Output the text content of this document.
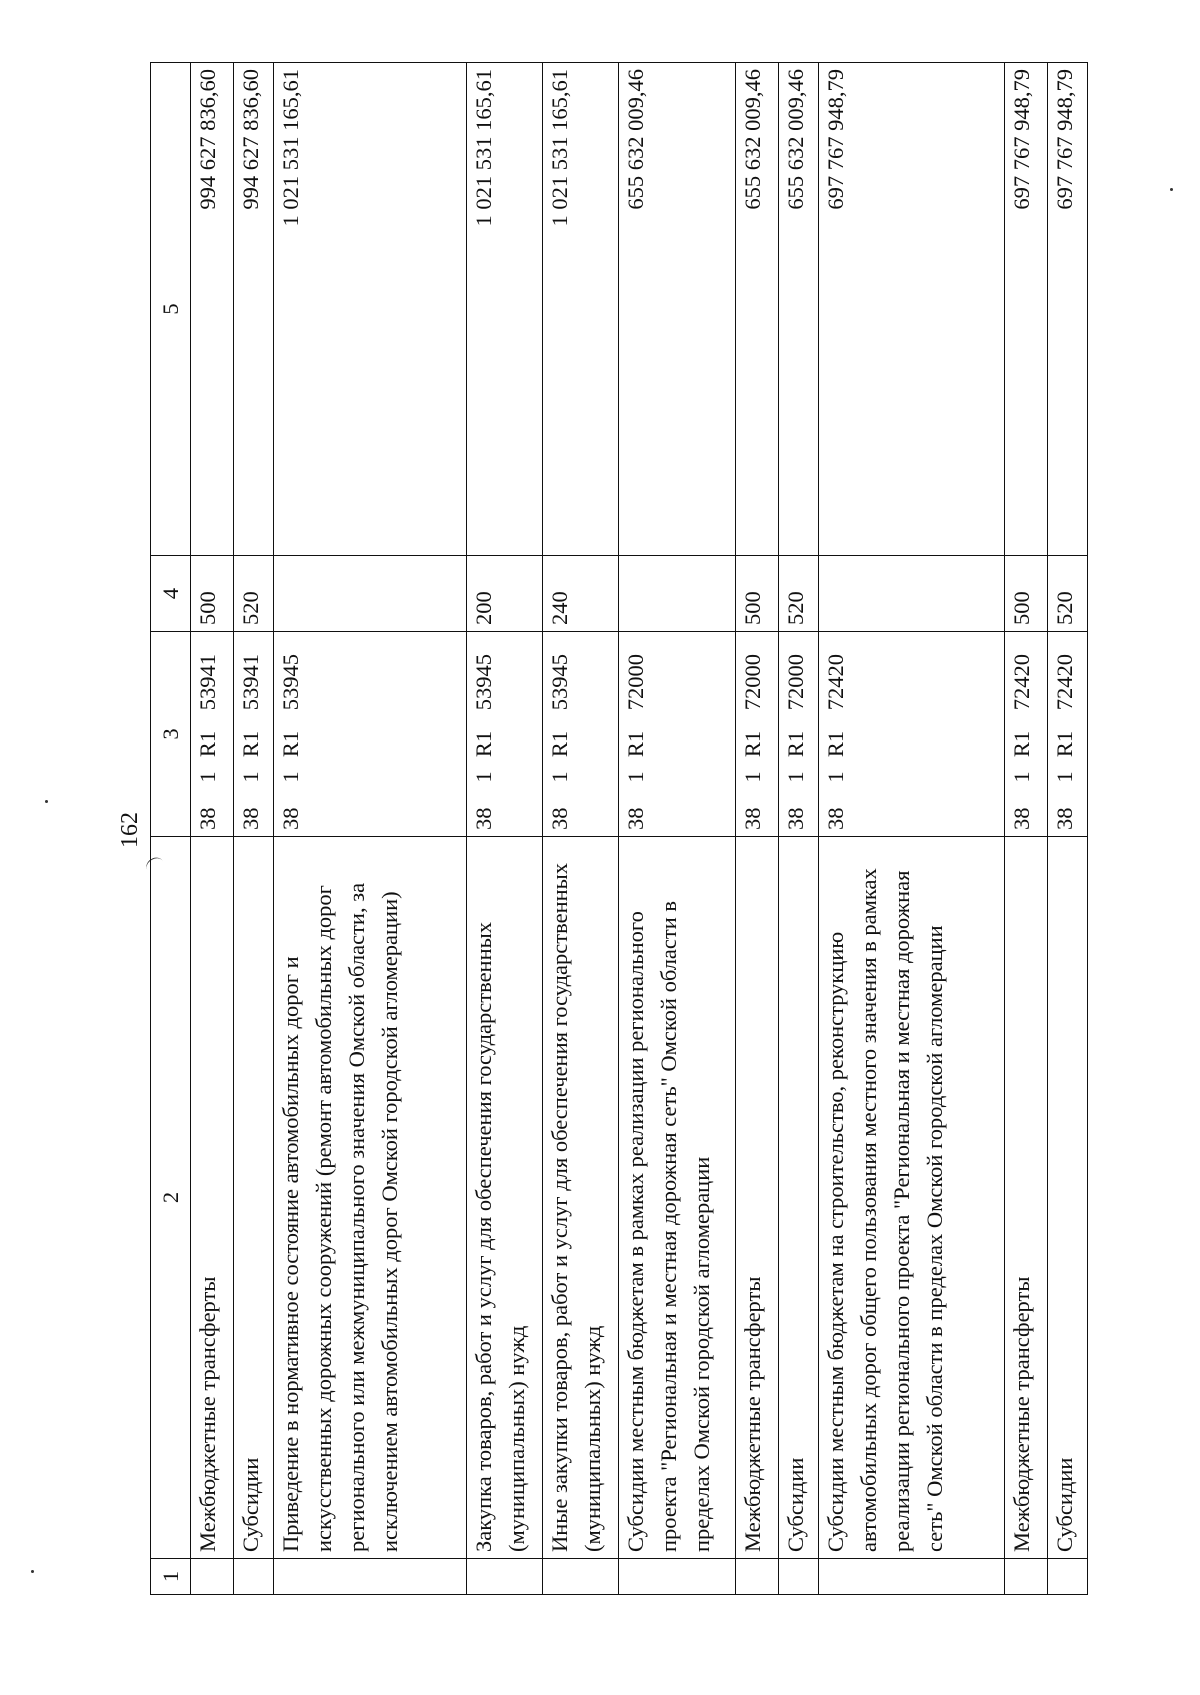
162
1	2	3	4	5
	Межбюджетные трансферты	381R153941	500	994 627 836,60
	Субсидии	381R153941	520	994 627 836,60
	Приведение в нормативное состояние автомобильных дорог и искусственных дорожных сооружений (ремонт автомобильных дорог регионального или межмуниципального значения Омской области, за исключением автомобильных дорог Омской городской агломерации)	381R153945		1 021 531 165,61
	Закупка товаров, работ и услуг для обеспечения государственных (муниципальных) нужд	381R153945	200	1 021 531 165,61
	Иные закупки товаров, работ и услуг для обеспечения государственных (муниципальных) нужд	381R153945	240	1 021 531 165,61
	Субсидии местным бюджетам в рамках реализации регионального проекта "Региональная и местная дорожная сеть" Омской области в пределах Омской городской агломерации	381R172000		655 632 009,46
	Межбюджетные трансферты	381R172000	500	655 632 009,46
	Субсидии	381R172000	520	655 632 009,46
	Субсидии местным бюджетам на строительство, реконструкцию автомобильных дорог общего пользования местного значения в рамках реализации регионального проекта "Региональная и местная дорожная сеть" Омской области в пределах Омской городской агломерации	381R172420		697 767 948,79
	Межбюджетные трансферты	381R172420	500	697 767 948,79
	Субсидии	381R172420	520	697 767 948,79
